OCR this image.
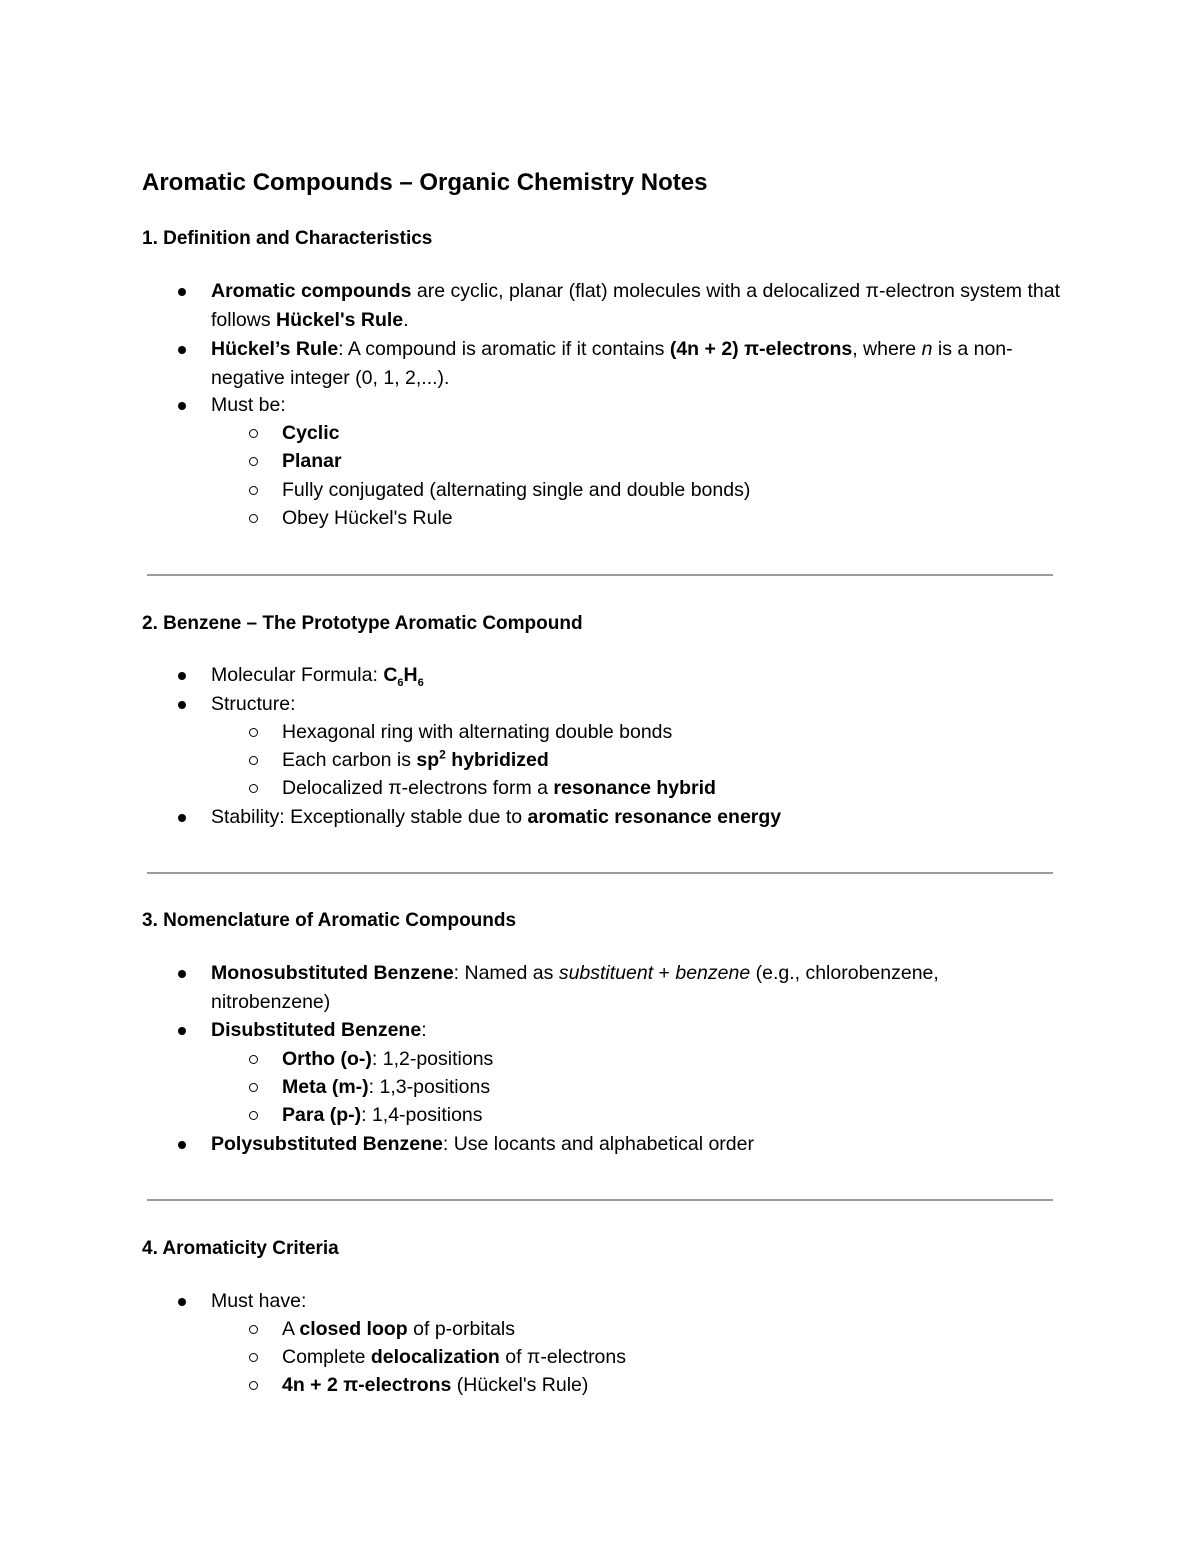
Aromatic Compounds – Organic Chemistry Notes
1. Definition and Characteristics
Aromatic compounds are cyclic, planar (flat) molecules with a delocalized π-electron system that follows Hückel's Rule.
Hückel’s Rule: A compound is aromatic if it contains (4n + 2) π-electrons, where n is a non-negative integer (0, 1, 2,...).
Must be:
Cyclic
Planar
Fully conjugated (alternating single and double bonds)
Obey Hückel's Rule
2. Benzene – The Prototype Aromatic Compound
Molecular Formula: $C_6H_6$
Structure:
Hexagonal ring with alternating double bonds
Each carbon is $sp^2$ hybridized
Delocalized π-electrons form a resonance hybrid
Stability: Exceptionally stable due to aromatic resonance energy
3. Nomenclature of Aromatic Compounds
Monosubstituted Benzene: Named as substituent + benzene (e.g., chlorobenzene, nitrobenzene)
Disubstituted Benzene:
Ortho (o-): 1,2-positions
Meta (m-): 1,3-positions
Para (p-): 1,4-positions
Polysubstituted Benzene: Use locants and alphabetical order
4. Aromaticity Criteria
Must have:
A closed loop of p-orbitals
Complete delocalization of π-electrons
4n + 2 π-electrons (Hückel's Rule)
